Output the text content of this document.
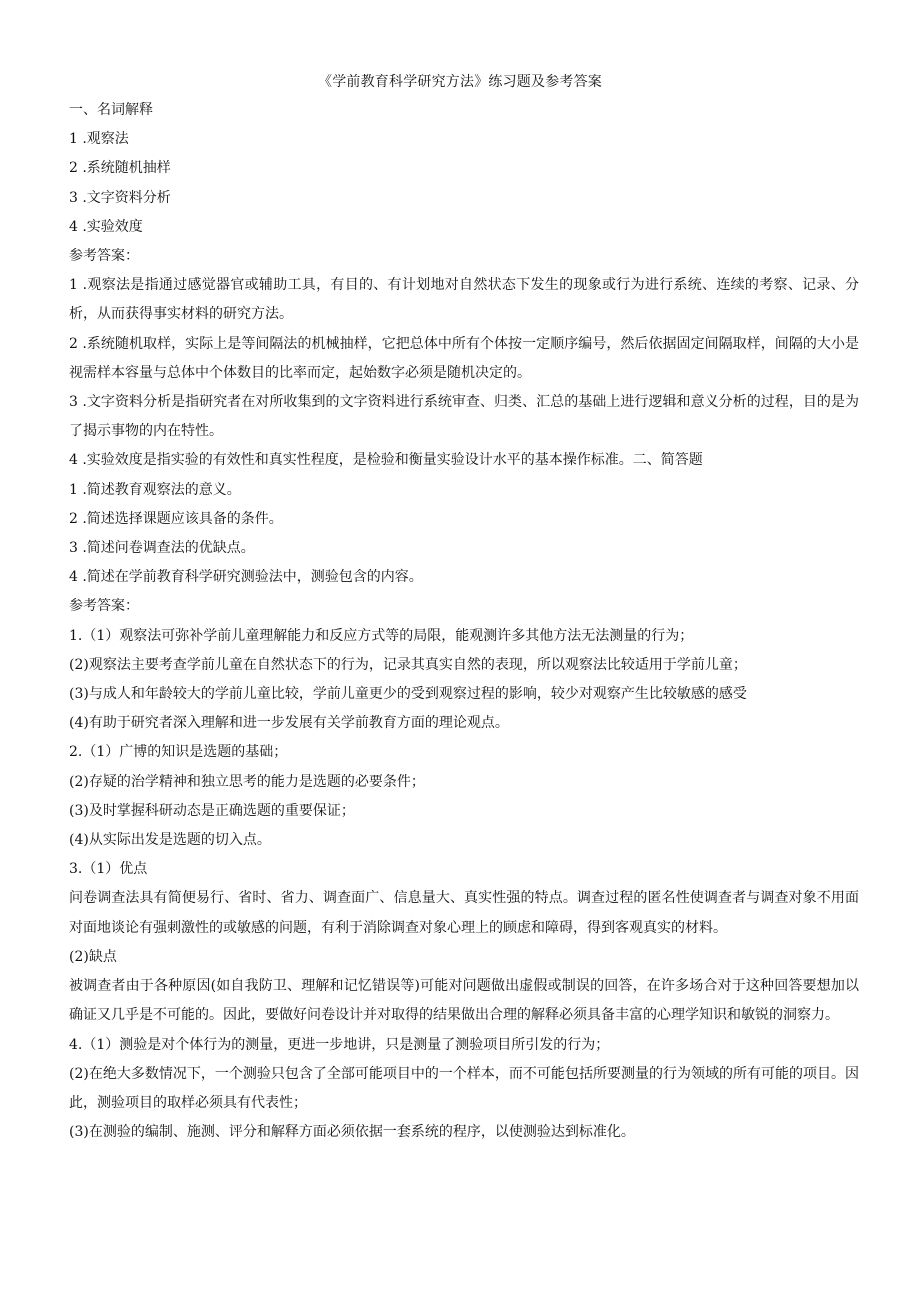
《学前教育科学研究方法》练习题及参考答案
一、名词解释
1 .观察法
2 .系统随机抽样
3 .文字资料分析
4 .实验效度
参考答案：
1 .观察法是指通过感觉器官或辅助工具，有目的、有计划地对自然状态下发生的现象或行为进行系统、连续的考察、记录、分析，从而获得事实材料的研究方法。
2 .系统随机取样，实际上是等间隔法的机械抽样，它把总体中所有个体按一定顺序编号，然后依据固定间隔取样，间隔的大小是视需样本容量与总体中个体数目的比率而定，起始数字必须是随机决定的。
3 .文字资料分析是指研究者在对所收集到的文字资料进行系统审查、归类、汇总的基础上进行逻辑和意义分析的过程，目的是为了揭示事物的内在特性。
4 .实验效度是指实验的有效性和真实性程度，是检验和衡量实验设计水平的基本操作标准。二、简答题
1 .简述教育观察法的意义。
2 .简述选择课题应该具备的条件。
3 .简述问卷调查法的优缺点。
4 .简述在学前教育科学研究测验法中，测验包含的内容。
参考答案：
1.（1）观察法可弥补学前儿童理解能力和反应方式等的局限，能观测许多其他方法无法测量的行为；
(2)观察法主要考查学前儿童在自然状态下的行为，记录其真实自然的表现，所以观察法比较适用于学前儿童；
(3)与成人和年龄较大的学前儿童比较，学前儿童更少的受到观察过程的影响，较少对观察产生比较敏感的感受
(4)有助于研究者深入理解和进一步发展有关学前教育方面的理论观点。
2.（1）广博的知识是选题的基础；
(2)存疑的治学精神和独立思考的能力是选题的必要条件；
(3)及时掌握科研动态是正确选题的重要保证；
(4)从实际出发是选题的切入点。
3.（1）优点
问卷调查法具有简便易行、省时、省力、调查面广、信息量大、真实性强的特点。调查过程的匿名性使调查者与调查对象不用面对面地谈论有强刺激性的或敏感的问题，有利于消除调查对象心理上的顾虑和障碍，得到客观真实的材料。
(2)缺点
被调查者由于各种原因(如自我防卫、理解和记忆错误等)可能对问题做出虚假或制误的回答，在许多场合对于这种回答要想加以确证又几乎是不可能的。因此，要做好问卷设计并对取得的结果做出合理的解释必须具备丰富的心理学知识和敏锐的洞察力。
4.（1）测验是对个体行为的测量，更进一步地讲，只是测量了测验项目所引发的行为；
(2)在绝大多数情况下，一个测验只包含了全部可能项目中的一个样本，而不可能包括所要测量的行为领域的所有可能的项目。因此，测验项目的取样必须具有代表性；
(3)在测验的编制、施测、评分和解释方面必须依据一套系统的程序，以使测验达到标准化。
